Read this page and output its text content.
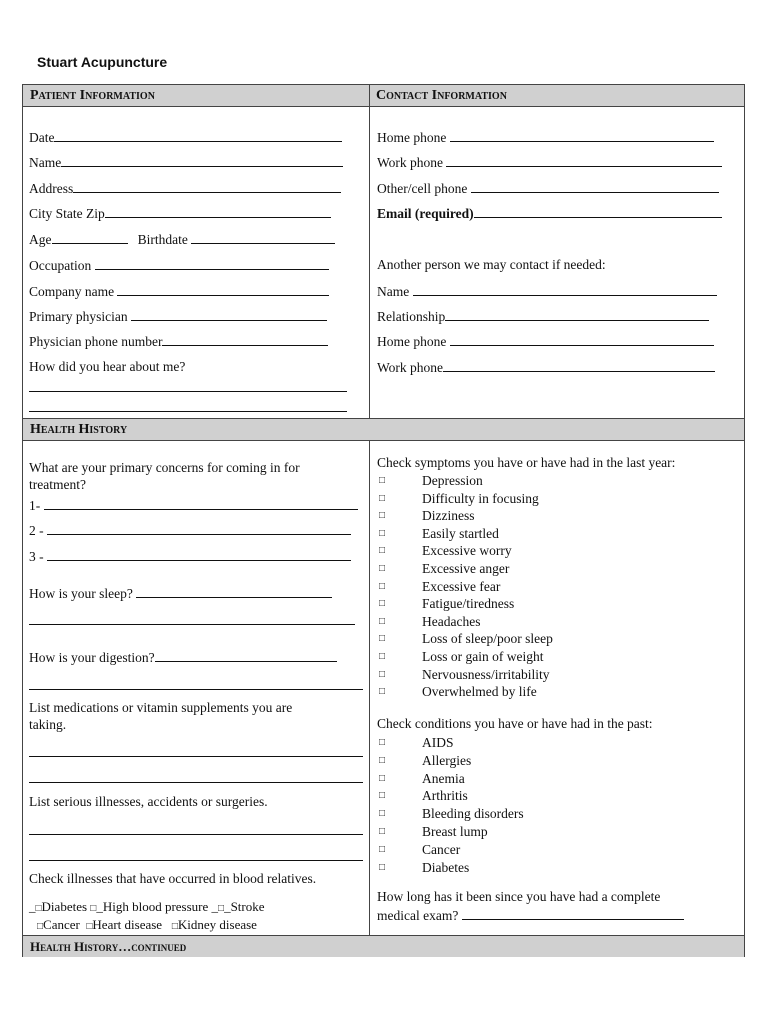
Stuart Acupuncture
Patient Information	Contact Information
Health History
Health History…continued
Date
Name
Address
City State Zip
Age	Birthdate
Occupation
Company name
Primary physician
Physician phone number
How did you hear about me?
Home phone
Work phone
Other/cell phone
Email (required)
Another person we may contact if needed:
Name
Relationship
Home phone
Work phone
What are your primary concerns for coming in for
treatment?
1-
2 -
3 -
How is your sleep?
How is your digestion?
List medications or vitamin supplements you are
taking.
List serious illnesses, accidents or surgeries.
Check illnesses that have occurred in blood relatives.
_□Diabetes □_High blood pressure _□_Stroke
□Cancer □Heart disease □Kidney disease
Check symptoms you have or have had in the last year:
□	Depression
□	Difficulty in focusing
□	Dizziness
□	Easily startled
□	Excessive worry
□	Excessive anger
□	Excessive fear
□	Fatigue/tiredness
□	Headaches
□	Loss of sleep/poor sleep
□	Loss or gain of weight
□	Nervousness/irritability
□	Overwhelmed by life
Check conditions you have or have had in the past:
□	AIDS
□	Allergies
□	Anemia
□	Arthritis
□	Bleeding disorders
□	Breast lump
□	Cancer
□	Diabetes
How long has it been since you have had a complete
medical exam?
